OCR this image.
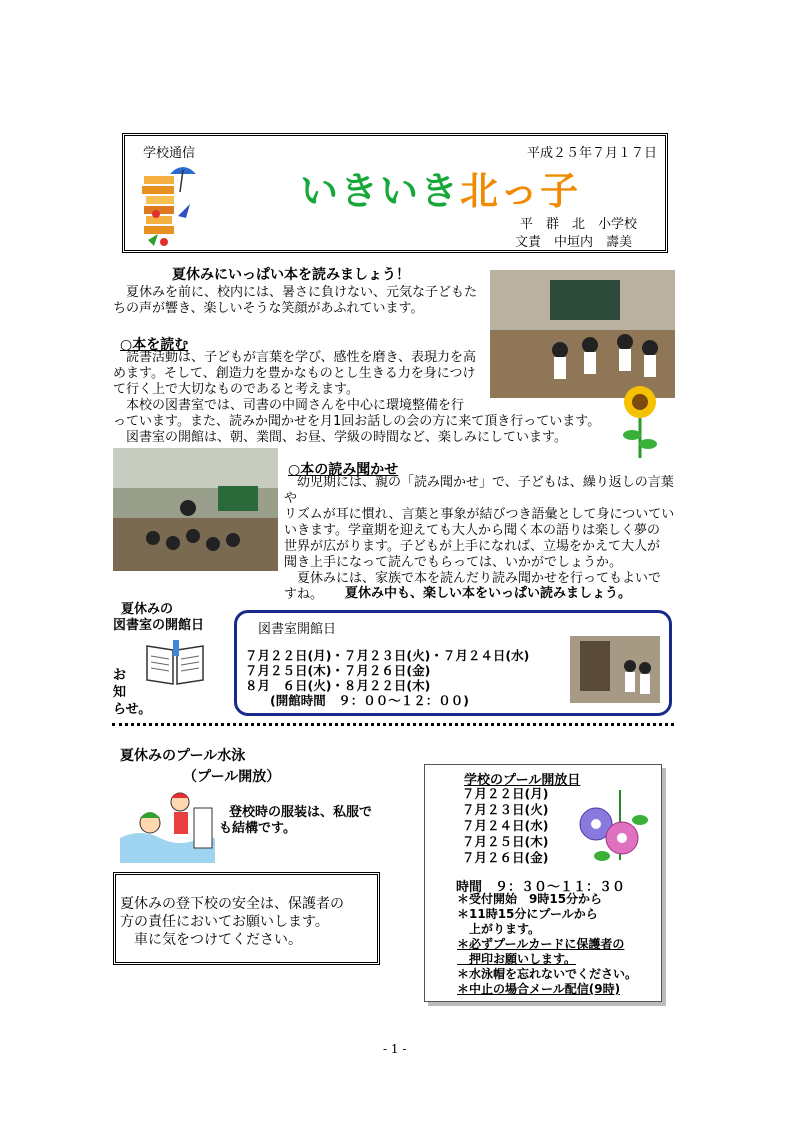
学校通信	平成２５年７月１７日
いきいき北っ子
平　群　北　小学校
文責　中垣内　壽美
夏休みにいっぱい本を読みましょう！
　夏休みを前に、校内には、暑さに負けない、元気な子どもた
ちの声が響き、楽しいそうな笑顔があふれています。
○本を読む
　読書活動は、子どもが言葉を学び、感性を磨き、表現力を高
めます。そして、創造力を豊かなものとし生きる力を身につけ
て行く上で大切なものであると考えます。
　本校の図書室では、司書の中岡さんを中心に環境整備を行
っています。また、読みか聞かせを月1回お話しの会の方に来て頂き行っています。
　図書室の開館は、朝、業間、お昼、学級の時間など、楽しみにしています。
○本の読み聞かせ
　幼児期には、親の「読み聞かせ」で、子どもは、繰り返しの言葉や
リズムが耳に慣れ、言葉と事象が結びつき語彙として身についてい
いきます。学童期を迎えても大人から聞く本の語りは楽しく夢の
世界が広がります。子どもが上手になれば、立場をかえて大人が
聞き上手になって読んでもらっては、いかがでしょうか。
　夏休みには、家族で本を読んだり読み聞かせを行ってもよいで
すね。	夏休み中も、楽しい本をいっぱい読みましょう。
夏休みの
図書室の開館日
お
知
らせ。
図書室開館日
７月２２日(月)・７月２３日(火)・７月２４日(水)
７月２５日(木)・７月２６日(金)
８月　６日(火)・８月２２日(木)
　　(開館時間　９：００～１２：００)
夏休みのプール水泳
（プール開放）
登校時の服装は、私服で
も結構です。
夏休みの登下校の安全は、保護者の
方の責任においてお願いします。
　車に気をつけてください。
学校のプール開放日
７月２２日(月)
７月２３日(火)
７月２４日(水)
７月２５日(木)
７月２６日(金)
時間　９：３０～１１：３０
＊受付開始　9時15分から
＊11時15分にプールから
　上がります。
＊必ずプールカードに保護者の
　押印お願いします。
＊水泳帽を忘れないでください。
＊中止の場合メール配信(9時)
- 1 -
